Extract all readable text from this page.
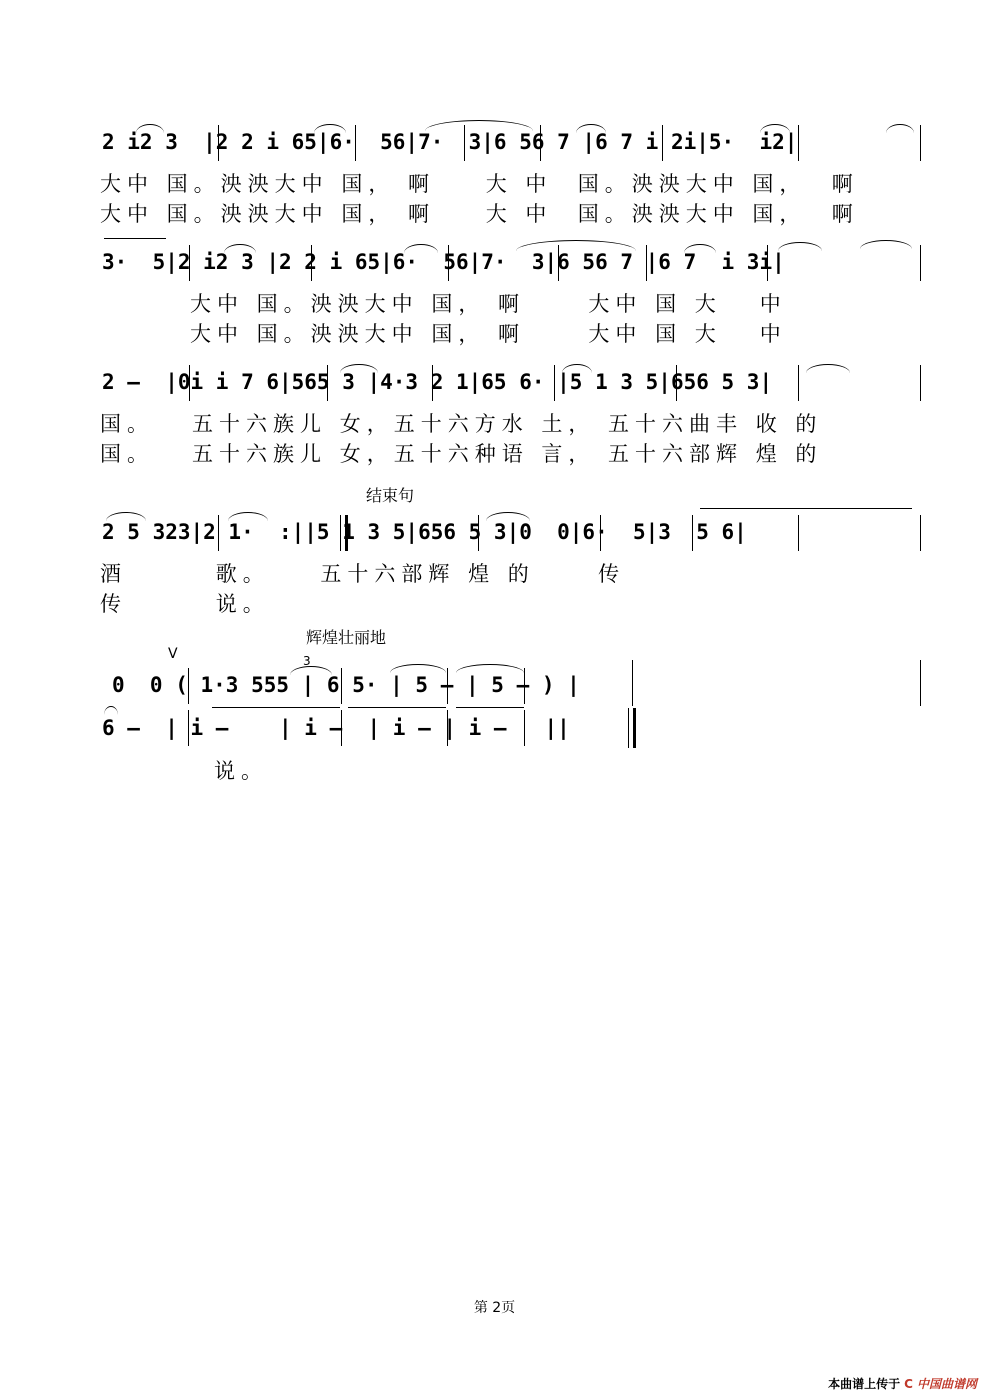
2 i2 3  |2 2 i 65|6·  56|7·  3|6 56 7 |6 7 i 2i|5·  i2|
大中 国。泱泱大中 国， 啊    大 中  国。泱泱大中 国，  啊
大中 国。泱泱大中 国， 啊    大 中  国。泱泱大中 国，  啊
3·  5|2 i2 3 |2 2 i 65|6·  56|7·  3|6 56 7 |6 7  i 3i|
大中 国。泱泱大中 国， 啊     大中 国 大   中
大中 国。泱泱大中 国， 啊     大中 国 大   中
2 –  |0i i 7 6|565 3 |4·3 2 1|65 6· |5 1 3 5|656 5 3|
国。   五十六族儿 女，五十六方水 土， 五十六曲丰 收 的
国。   五十六族儿 女，五十六种语 言， 五十六部辉 煌 的
结束句
2 5 323|2 1·  :||5 1 3 5|656 5 3|0  0|6·  5|3  5 6|
酒       歌。    五十六部辉 煌 的     传
传       说。
辉煌壮丽地
V	3
0  0 ( 1·3 555 | 6 5· | 5 – | 5 – ) |
6 –  | i –    | i –  | i – | i –   ||
说。
第 2页
本曲谱上传于 C 中国曲谱网
